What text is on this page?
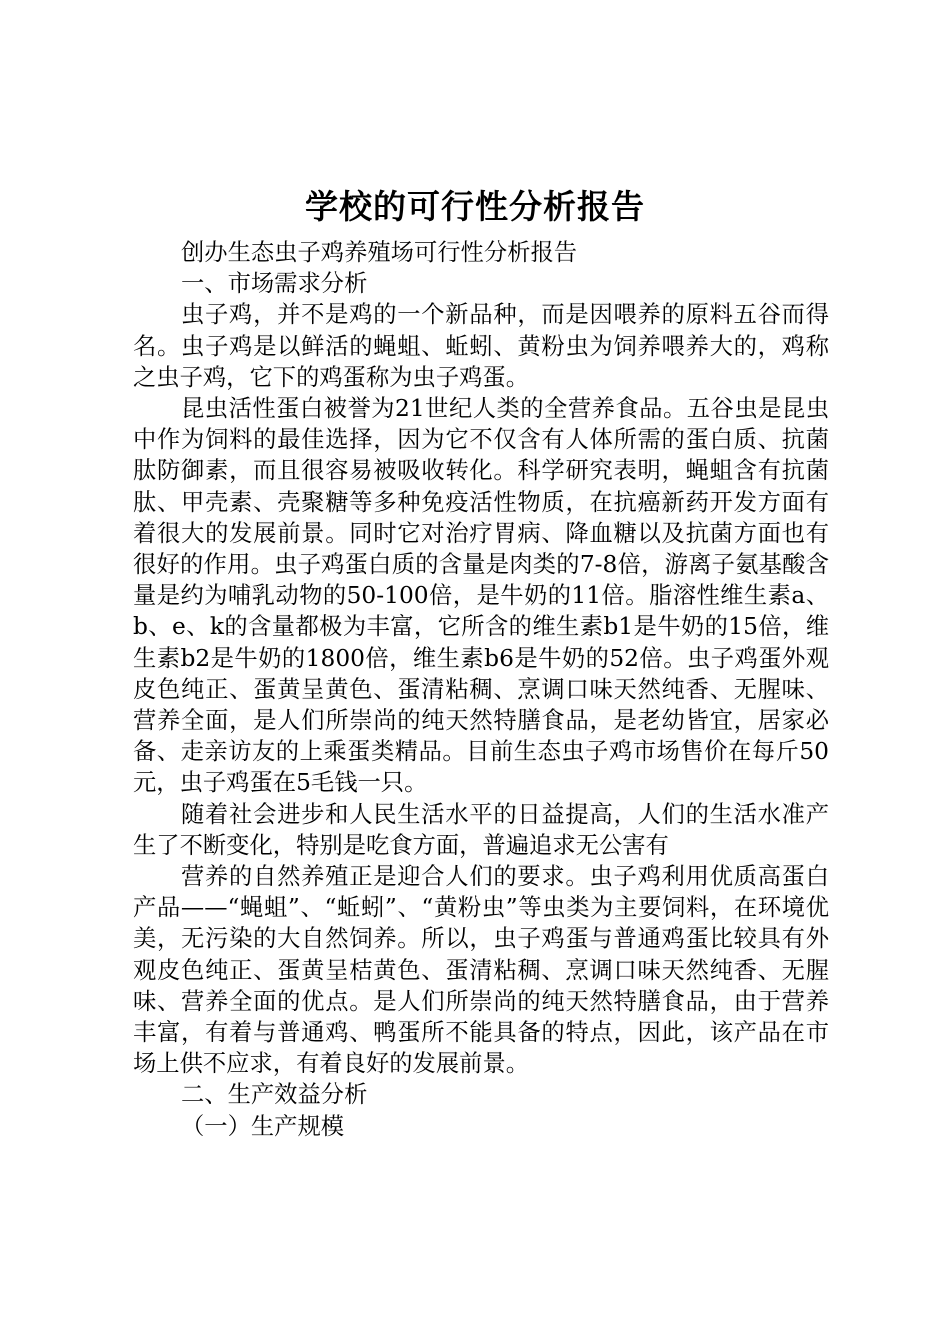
学校的可行性分析报告

创办生态虫子鸡养殖场可行性分析报告

一、市场需求分析

虫子鸡，并不是鸡的一个新品种，而是因喂养的原料五谷而得名。虫子鸡是以鲜活的蝇蛆、蚯蚓、黄粉虫为饲养喂养大的，鸡称之虫子鸡，它下的鸡蛋称为虫子鸡蛋。

昆虫活性蛋白被誉为21世纪人类的全营养食品。五谷虫是昆虫中作为饲料的最佳选择，因为它不仅含有人体所需的蛋白质、抗菌肽防御素，而且很容易被吸收转化。科学研究表明，蝇蛆含有抗菌肽、甲壳素、壳聚糖等多种免疫活性物质，在抗癌新药开发方面有着很大的发展前景。同时它对治疗胃病、降血糖以及抗菌方面也有很好的作用。虫子鸡蛋白质的含量是肉类的7-8倍，游离子氨基酸含量是约为哺乳动物的50-100倍，是牛奶的11倍。脂溶性维生素a、b、e、k的含量都极为丰富，它所含的维生素b1是牛奶的15倍，维生素b2是牛奶的1800倍，维生素b6是牛奶的52倍。虫子鸡蛋外观皮色纯正、蛋黄呈黄色、蛋清粘稠、烹调口味天然纯香、无腥味、营养全面，是人们所崇尚的纯天然特膳食品，是老幼皆宜，居家必备、走亲访友的上乘蛋类精品。目前生态虫子鸡市场售价在每斤50元，虫子鸡蛋在5毛钱一只。

随着社会进步和人民生活水平的日益提高，人们的生活水准产生了不断变化，特别是吃食方面，普遍追求无公害有

营养的自然养殖正是迎合人们的要求。虫子鸡利用优质高蛋白产品——“蝇蛆”、“蚯蚓”、“黄粉虫”等虫类为主要饲料，在环境优美，无污染的大自然饲养。所以，虫子鸡蛋与普通鸡蛋比较具有外观皮色纯正、蛋黄呈桔黄色、蛋清粘稠、烹调口味天然纯香、无腥味、营养全面的优点。是人们所崇尚的纯天然特膳食品，由于营养丰富，有着与普通鸡、鸭蛋所不能具备的特点，因此，该产品在市场上供不应求，有着良好的发展前景。

二、生产效益分析

（一）生产规模
